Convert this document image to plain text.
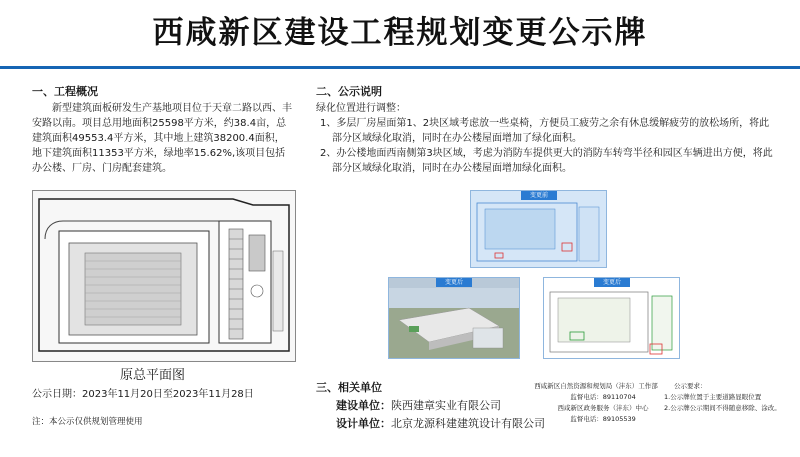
西咸新区建设工程规划变更公示牌
一、工程概况
新型建筑面板研发生产基地项目位于天章二路以西、丰安路以南。项目总用地面积25598平方米，约38.4亩，总建筑面积49553.4平方米，其中地上建筑38200.4面积，地下建筑面积11353平方米，绿地率15.62%,该项目包括办公楼、厂房、门房配套建筑。
原总平面图
公示日期：2023年11月20日至2023年11月28日
注：本公示仅供规划管理使用
二、公示说明
绿化位置进行调整：
1、多层厂房屋面第1、2块区域考虑放一些桌椅，方便员工疲劳之余有休息缓解疲劳的放松场所，将此部分区域绿化取消，同时在办公楼屋面增加了绿化面积。
2、办公楼地面西南侧第3块区域，考虑为消防车提供更大的消防车转弯半径和园区车辆进出方便，将此部分区域绿化取消，同时在办公楼屋面增加绿化面积。
变更前
变更后	变更后
三、相关单位
建设单位：陕西建章实业有限公司
设计单位：北京龙源科建建筑设计有限公司
西咸新区自然资源和规划局（沣东）工作部
监督电话：89110704
西咸新区政务服务（沣东）中心
监督电话：89105539
公示要求：
1.公示牌位置于主要道路显眼位置
2.公示牌公示期间不得随意移除、涂改。
